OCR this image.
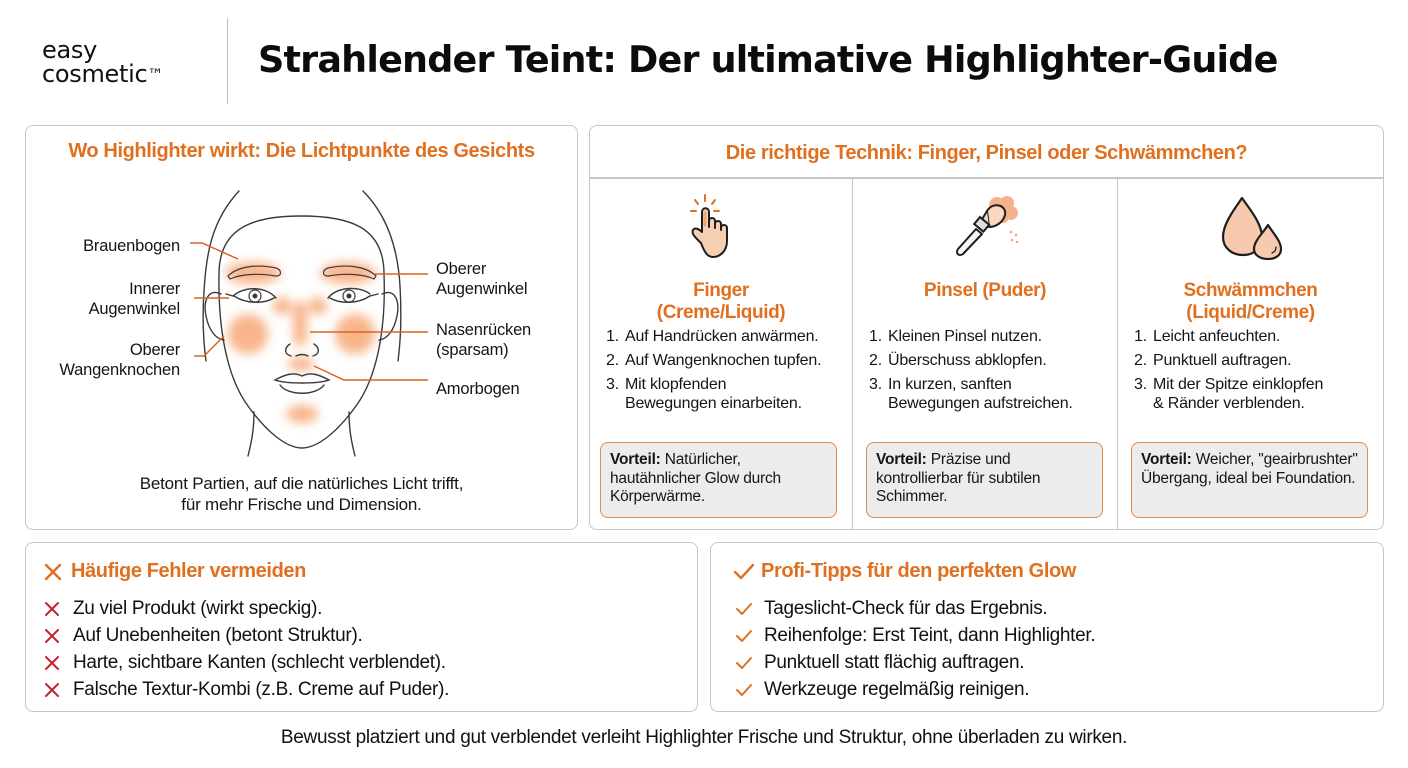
easy
cosmetic™	Strahlender Teint: Der ultimative Highlighter-Guide
Wo Highlighter wirkt: Die Lichtpunkte des Gesichts
Brauenbogen
Innerer
Augenwinkel
Oberer
Wangenknochen
Oberer
Augenwinkel
Nasenrücken
(sparsam)
Amorbogen
Betont Partien, auf die natürliches Licht trifft,
für mehr Frische und Dimension.
Die richtige Technik: Finger, Pinsel oder Schwämmchen?
Finger
(Creme/Liquid)
1. Auf Handrücken anwärmen.
2. Auf Wangenknochen tupfen.
3. Mit klopfenden
Bewegungen einarbeiten.
Vorteil: Natürlicher, hautähnlicher Glow durch Körperwärme.
Pinsel (Puder)
1. Kleinen Pinsel nutzen.
2. Überschuss abklopfen.
3. In kurzen, sanften
Bewegungen aufstreichen.
Vorteil: Präzise und kontrollierbar für subtilen Schimmer.
Schwämmchen
(Liquid/Creme)
1. Leicht anfeuchten.
2. Punktuell auftragen.
3. Mit der Spitze einklopfen
& Ränder verblenden.
Vorteil: Weicher, "geairbrushter" Übergang, ideal bei Foundation.
Häufige Fehler vermeiden
Zu viel Produkt (wirkt speckig).
Auf Unebenheiten (betont Struktur).
Harte, sichtbare Kanten (schlecht verblendet).
Falsche Textur-Kombi (z.B. Creme auf Puder).
Profi-Tipps für den perfekten Glow
Tageslicht-Check für das Ergebnis.
Reihenfolge: Erst Teint, dann Highlighter.
Punktuell statt flächig auftragen.
Werkzeuge regelmäßig reinigen.
Bewusst platziert und gut verblendet verleiht Highlighter Frische und Struktur, ohne überladen zu wirken.
